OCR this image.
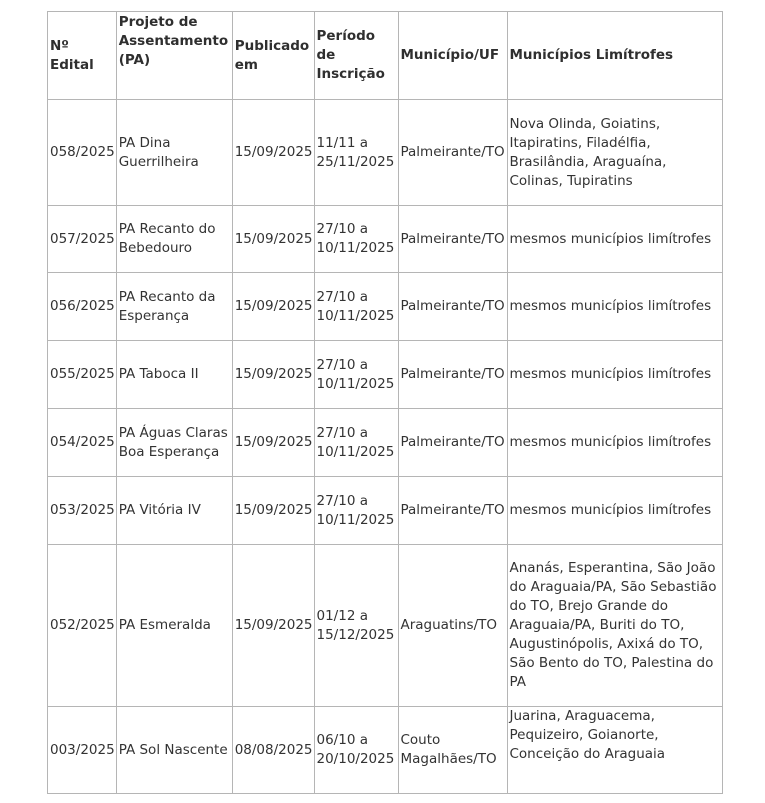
Nº Edital	Projeto de Assentamento (PA)	Publicado em	Período de Inscrição	Município/UF	Municípios Limítrofes
058/2025	PA Dina Guerrilheira	15/09/2025	11/11 a 25/11/2025	Palmeirante/TO	Nova Olinda, Goiatins, Itapiratins, Filadélfia, Brasilândia, Araguaína, Colinas, Tupiratins
057/2025	PA Recanto do Bebedouro	15/09/2025	27/10 a 10/11/2025	Palmeirante/TO	mesmos municípios limítrofes
056/2025	PA Recanto da Esperança	15/09/2025	27/10 a 10/11/2025	Palmeirante/TO	mesmos municípios limítrofes
055/2025	PA Taboca II	15/09/2025	27/10 a 10/11/2025	Palmeirante/TO	mesmos municípios limítrofes
054/2025	PA Águas Claras Boa Esperança	15/09/2025	27/10 a 10/11/2025	Palmeirante/TO	mesmos municípios limítrofes
053/2025	PA Vitória IV	15/09/2025	27/10 a 10/11/2025	Palmeirante/TO	mesmos municípios limítrofes
052/2025	PA Esmeralda	15/09/2025	01/12 a 15/12/2025	Araguatins/TO	Ananás, Esperantina, São João do Araguaia/PA, São Sebastião do TO, Brejo Grande do Araguaia/PA, Buriti do TO, Augustinópolis, Axixá do TO, São Bento do TO, Palestina do PA
003/2025	PA Sol Nascente	08/08/2025	06/10 a 20/10/2025	Couto Magalhães/TO	Juarina, Araguacema, Pequizeiro, Goianorte, Conceição do Araguaia
